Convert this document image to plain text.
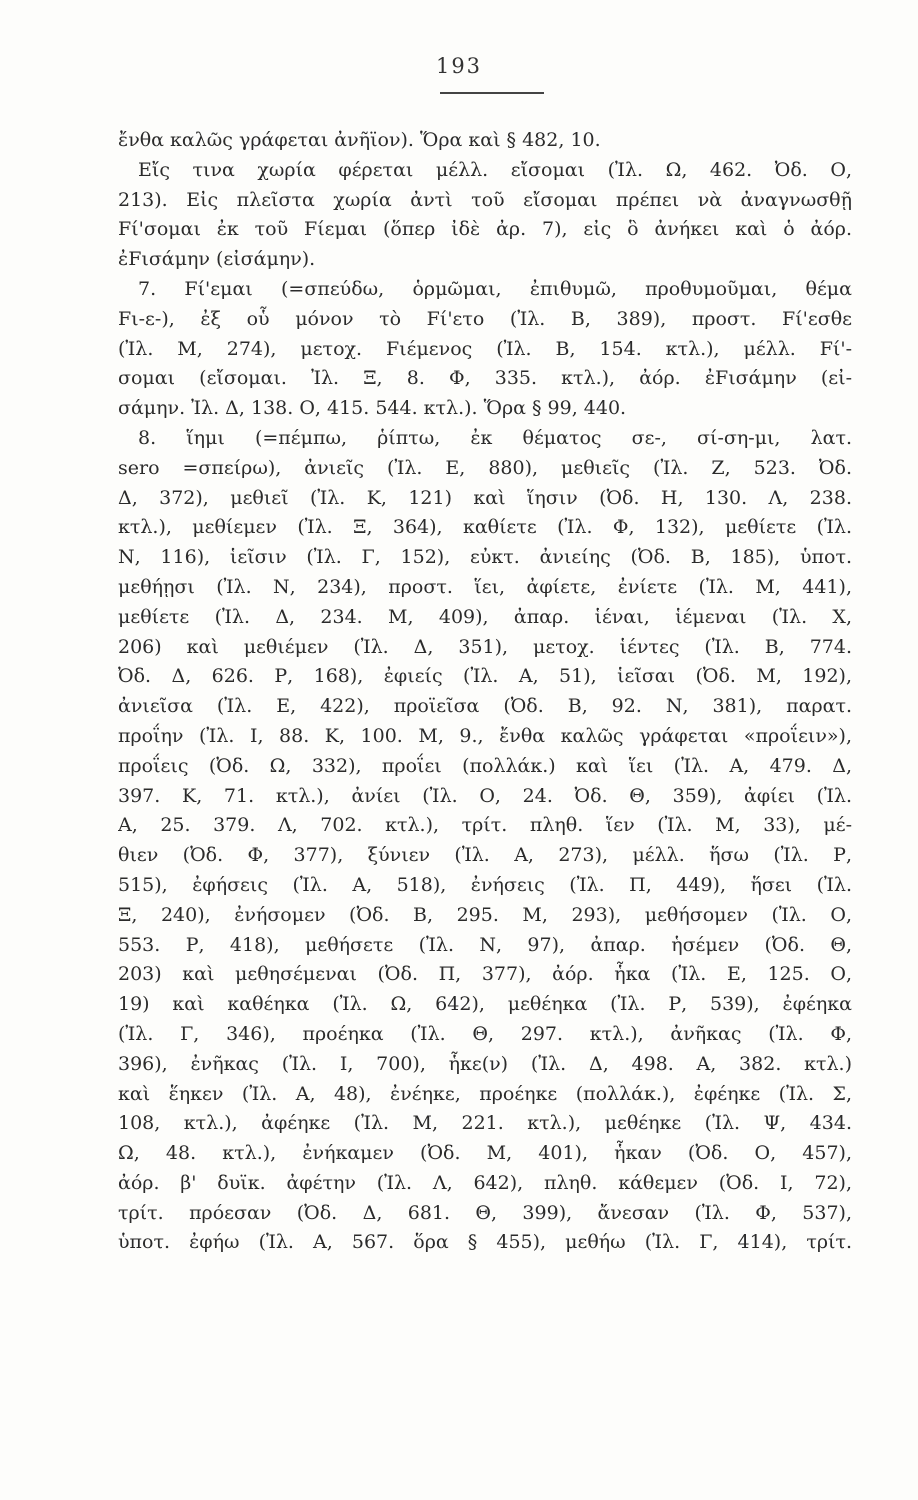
193
ἔνθα καλῶς γράφεται ἀνῆϊον). Ὅρα καὶ § 482, 10.
Εἴς τινα χωρία φέρεται μέλλ. εἴσομαι (Ἰλ. Ω, 462. Ὀδ. Ο,
213). Εἰς πλεῖστα χωρία ἀντὶ τοῦ εἴσομαι πρέπει νὰ ἀναγνωσθῇ
Fί'σομαι ἐκ τοῦ Fίεμαι (ὅπερ ἰδὲ ἀρ. 7), εἰς ὃ ἀνήκει καὶ ὁ ἀόρ.
ἐFισάμην (εἰσάμην).
7. Fί'εμαι (=σπεύδω, ὁρμῶμαι, ἐπιθυμῶ, προθυμοῦμαι, θέμα
Fι-ε-), ἐξ οὗ μόνον τὸ Fί'ετο (Ἰλ. Β, 389), προστ. Fί'εσθε
(Ἰλ. Μ, 274), μετοχ. Fιέμενος (Ἰλ. Β, 154. κτλ.), μέλλ. Fί'-
σομαι (εἴσομαι. Ἰλ. Ξ, 8. Φ, 335. κτλ.), ἀόρ. ἐFισάμην (εἰ-
σάμην. Ἰλ. Δ, 138. Ο, 415. 544. κτλ.). Ὅρα § 99, 440.
8. ἵημι (=πέμπω, ῥίπτω, ἐκ θέματος σε-, σί-ση-μι, λατ.
sero =σπείρω), ἀνιεῖς (Ἰλ. Ε, 880), μεθιεῖς (Ἰλ. Ζ, 523. Ὀδ.
Δ, 372), μεθιεῖ (Ἰλ. Κ, 121) καὶ ἵησιν (Ὀδ. Η, 130. Λ, 238.
κτλ.), μεθίεμεν (Ἰλ. Ξ, 364), καθίετε (Ἰλ. Φ, 132), μεθίετε (Ἰλ.
Ν, 116), ἱεῖσιν (Ἰλ. Γ, 152), εὐκτ. ἀνιείης (Ὀδ. Β, 185), ὑποτ.
μεθήῃσι (Ἰλ. Ν, 234), προστ. ἵει, ἀφίετε, ἐνίετε (Ἰλ. Μ, 441),
μεθίετε (Ἰλ. Δ, 234. Μ, 409), ἀπαρ. ἱέναι, ἱέμεναι (Ἰλ. Χ,
206) καὶ μεθιέμεν (Ἰλ. Δ, 351), μετοχ. ἱέντες (Ἰλ. Β, 774.
Ὀδ. Δ, 626. Ρ, 168), ἐφιείς (Ἰλ. Α, 51), ἱεῖσαι (Ὀδ. Μ, 192),
ἀνιεῖσα (Ἰλ. Ε, 422), προϊεῖσα (Ὀδ. Β, 92. Ν, 381), παρατ.
προΐην (Ἰλ. Ι, 88. Κ, 100. Μ, 9., ἔνθα καλῶς γράφεται «προΐειν»),
προΐεις (Ὀδ. Ω, 332), προΐει (πολλάκ.) καὶ ἵει (Ἰλ. Α, 479. Δ,
397. Κ, 71. κτλ.), ἀνίει (Ἰλ. Ο, 24. Ὀδ. Θ, 359), ἀφίει (Ἰλ.
Α, 25. 379. Λ, 702. κτλ.), τρίτ. πληθ. ἵεν (Ἰλ. Μ, 33), μέ-
θιεν (Ὀδ. Φ, 377), ξύνιεν (Ἰλ. Α, 273), μέλλ. ἥσω (Ἰλ. Ρ,
515), ἐφήσεις (Ἰλ. Α, 518), ἐνήσεις (Ἰλ. Π, 449), ἥσει (Ἰλ.
Ξ, 240), ἐνήσομεν (Ὀδ. Β, 295. Μ, 293), μεθήσομεν (Ἰλ. Ο,
553. Ρ, 418), μεθήσετε (Ἰλ. Ν, 97), ἀπαρ. ἡσέμεν (Ὀδ. Θ,
203) καὶ μεθησέμεναι (Ὀδ. Π, 377), ἀόρ. ἧκα (Ἰλ. Ε, 125. Ο,
19) καὶ καθέηκα (Ἰλ. Ω, 642), μεθέηκα (Ἰλ. Ρ, 539), ἐφέηκα
(Ἰλ. Γ, 346), προέηκα (Ἰλ. Θ, 297. κτλ.), ἀνῆκας (Ἰλ. Φ,
396), ἐνῆκας (Ἰλ. Ι, 700), ἧκε(ν) (Ἰλ. Δ, 498. Α, 382. κτλ.)
καὶ ἕηκεν (Ἰλ. Α, 48), ἐνέηκε, προέηκε (πολλάκ.), ἐφέηκε (Ἰλ. Σ,
108, κτλ.), ἀφέηκε (Ἰλ. Μ, 221. κτλ.), μεθέηκε (Ἰλ. Ψ, 434.
Ω, 48. κτλ.), ἐνήκαμεν (Ὀδ. Μ, 401), ἧκαν (Ὀδ. Ο, 457),
ἀόρ. β' δυϊκ. ἀφέτην (Ἰλ. Λ, 642), πληθ. κάθεμεν (Ὀδ. Ι, 72),
τρίτ. πρόεσαν (Ὀδ. Δ, 681. Θ, 399), ἄνεσαν (Ἰλ. Φ, 537),
ὑποτ. ἐφήω (Ἰλ. Α, 567. ὅρα § 455), μεθήω (Ἰλ. Γ, 414), τρίτ.
